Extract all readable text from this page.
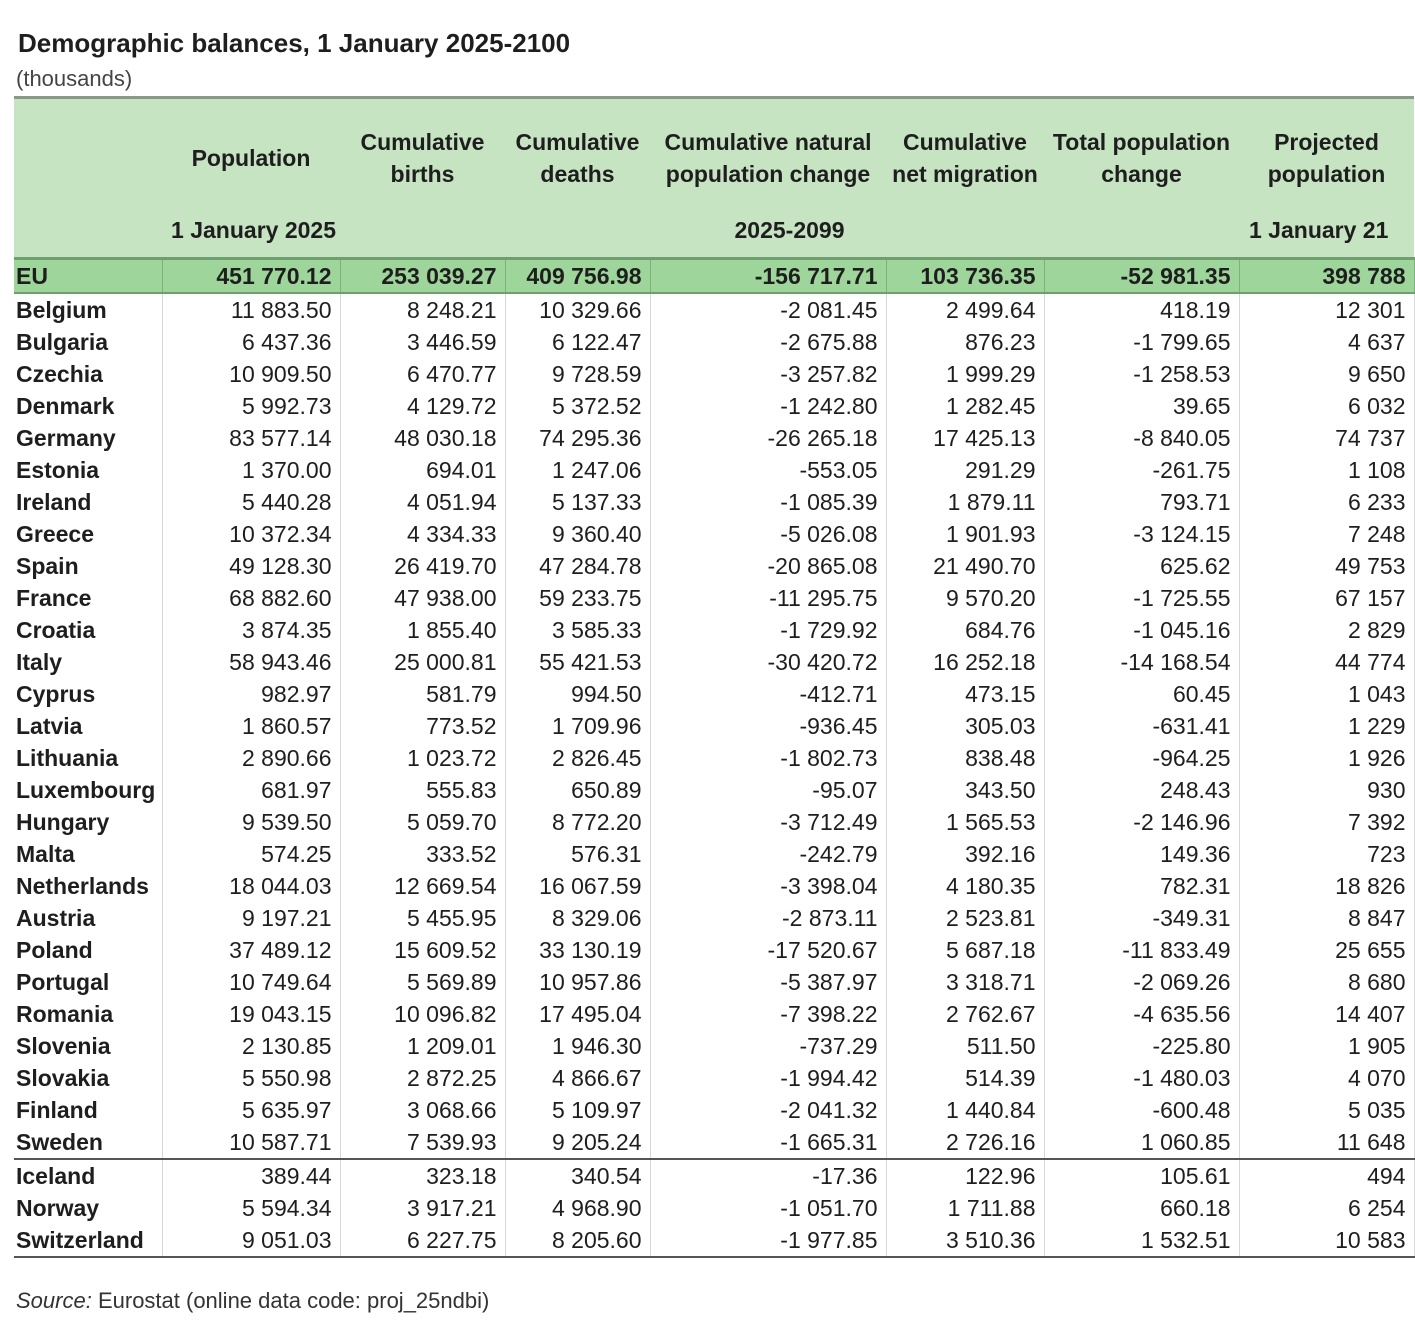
Demographic balances, 1 January 2025-2100
(thousands)
	Population	Cumulative births	Cumulative deaths	Cumulative natural population change	Cumulative net migration	Total population change	Projected population
	1 January 2025	2025-2099					1 January 21
EU	451 770.12	253 039.27	409 756.98	-156 717.71	103 736.35	-52 981.35	398 788
Belgium	11 883.50	8 248.21	10 329.66	-2 081.45	2 499.64	418.19	12 301
Bulgaria	6 437.36	3 446.59	6 122.47	-2 675.88	876.23	-1 799.65	4 637
Czechia	10 909.50	6 470.77	9 728.59	-3 257.82	1 999.29	-1 258.53	9 650
Denmark	5 992.73	4 129.72	5 372.52	-1 242.80	1 282.45	39.65	6 032
Germany	83 577.14	48 030.18	74 295.36	-26 265.18	17 425.13	-8 840.05	74 737
Estonia	1 370.00	694.01	1 247.06	-553.05	291.29	-261.75	1 108
Ireland	5 440.28	4 051.94	5 137.33	-1 085.39	1 879.11	793.71	6 233
Greece	10 372.34	4 334.33	9 360.40	-5 026.08	1 901.93	-3 124.15	7 248
Spain	49 128.30	26 419.70	47 284.78	-20 865.08	21 490.70	625.62	49 753
France	68 882.60	47 938.00	59 233.75	-11 295.75	9 570.20	-1 725.55	67 157
Croatia	3 874.35	1 855.40	3 585.33	-1 729.92	684.76	-1 045.16	2 829
Italy	58 943.46	25 000.81	55 421.53	-30 420.72	16 252.18	-14 168.54	44 774
Cyprus	982.97	581.79	994.50	-412.71	473.15	60.45	1 043
Latvia	1 860.57	773.52	1 709.96	-936.45	305.03	-631.41	1 229
Lithuania	2 890.66	1 023.72	2 826.45	-1 802.73	838.48	-964.25	1 926
Luxembourg	681.97	555.83	650.89	-95.07	343.50	248.43	930
Hungary	9 539.50	5 059.70	8 772.20	-3 712.49	1 565.53	-2 146.96	7 392
Malta	574.25	333.52	576.31	-242.79	392.16	149.36	723
Netherlands	18 044.03	12 669.54	16 067.59	-3 398.04	4 180.35	782.31	18 826
Austria	9 197.21	5 455.95	8 329.06	-2 873.11	2 523.81	-349.31	8 847
Poland	37 489.12	15 609.52	33 130.19	-17 520.67	5 687.18	-11 833.49	25 655
Portugal	10 749.64	5 569.89	10 957.86	-5 387.97	3 318.71	-2 069.26	8 680
Romania	19 043.15	10 096.82	17 495.04	-7 398.22	2 762.67	-4 635.56	14 407
Slovenia	2 130.85	1 209.01	1 946.30	-737.29	511.50	-225.80	1 905
Slovakia	5 550.98	2 872.25	4 866.67	-1 994.42	514.39	-1 480.03	4 070
Finland	5 635.97	3 068.66	5 109.97	-2 041.32	1 440.84	-600.48	5 035
Sweden	10 587.71	7 539.93	9 205.24	-1 665.31	2 726.16	1 060.85	11 648
Iceland	389.44	323.18	340.54	-17.36	122.96	105.61	494
Norway	5 594.34	3 917.21	4 968.90	-1 051.70	1 711.88	660.18	6 254
Switzerland	9 051.03	6 227.75	8 205.60	-1 977.85	3 510.36	1 532.51	10 583
Source: Eurostat (online data code: proj_25ndbi)
